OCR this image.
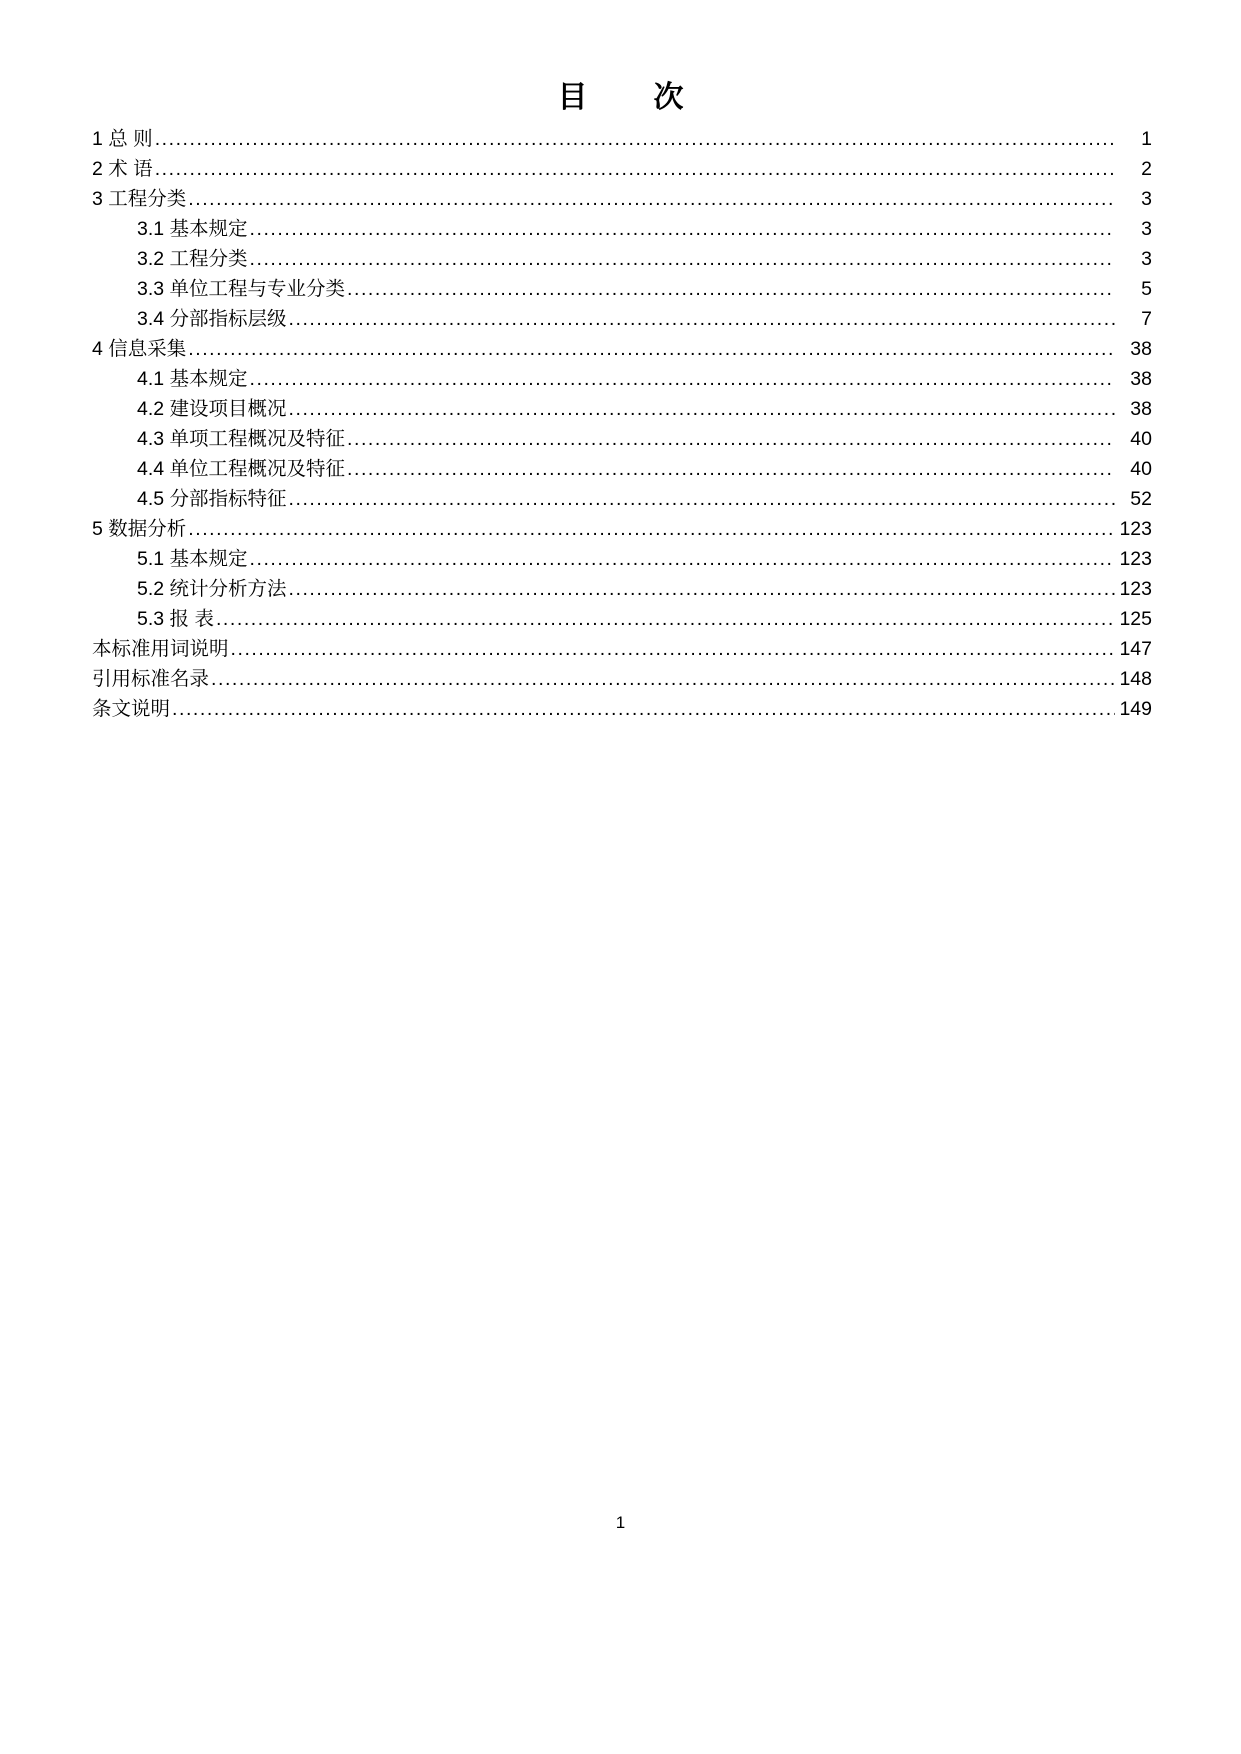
目　次
1 总 则 .....	1
2 术 语 .....	2
3 工程分类 .....	3
3.1 基本规定 .....	3
3.2 工程分类 .....	3
3.3 单位工程与专业分类 .....	5
3.4 分部指标层级 .....	7
4 信息采集 .....	38
4.1 基本规定 .....	38
4.2 建设项目概况 .....	38
4.3 单项工程概况及特征 .....	40
4.4 单位工程概况及特征 .....	40
4.5 分部指标特征 .....	52
5 数据分析 .....	123
5.1 基本规定 .....	123
5.2 统计分析方法 .....	123
5.3 报 表 .....	125
本标准用词说明 .....	147
引用标准名录 .....	148
条文说明 .....	149
1
